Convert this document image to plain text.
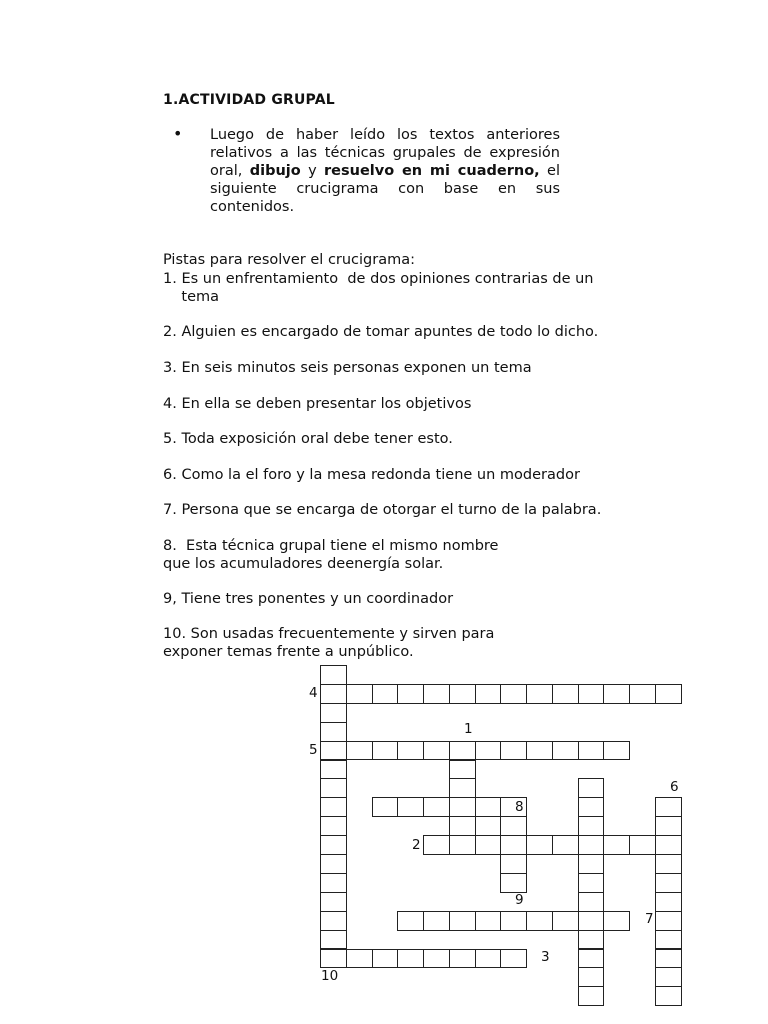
1.ACTIVIDAD GRUPAL
• Luego de haber leído los textos anteriores relativos a las técnicas grupales de expresión oral, dibujo y resuelvo en mi cuaderno, el siguiente crucigrama con base en sus contenidos.
Pistas para resolver el crucigrama:
1. Es un enfrentamiento  de dos opiniones contrarias de un
tema
2. Alguien es encargado de tomar apuntes de todo lo dicho.
3. En seis minutos seis personas exponen un tema
4. En ella se deben presentar los objetivos
5. Toda exposición oral debe tener esto.
6. Como la el foro y la mesa redonda tiene un moderador
7. Persona que se encarga de otorgar el turno de la palabra.
8.  Esta técnica grupal tiene el mismo nombre
que los acumuladores deenergía solar.
9, Tiene tres ponentes y un coordinador
10. Son usadas frecuentemente y sirven para
exponer temas frente a unpúblico.
4
1
5
6
8
2
9
7
3
10
